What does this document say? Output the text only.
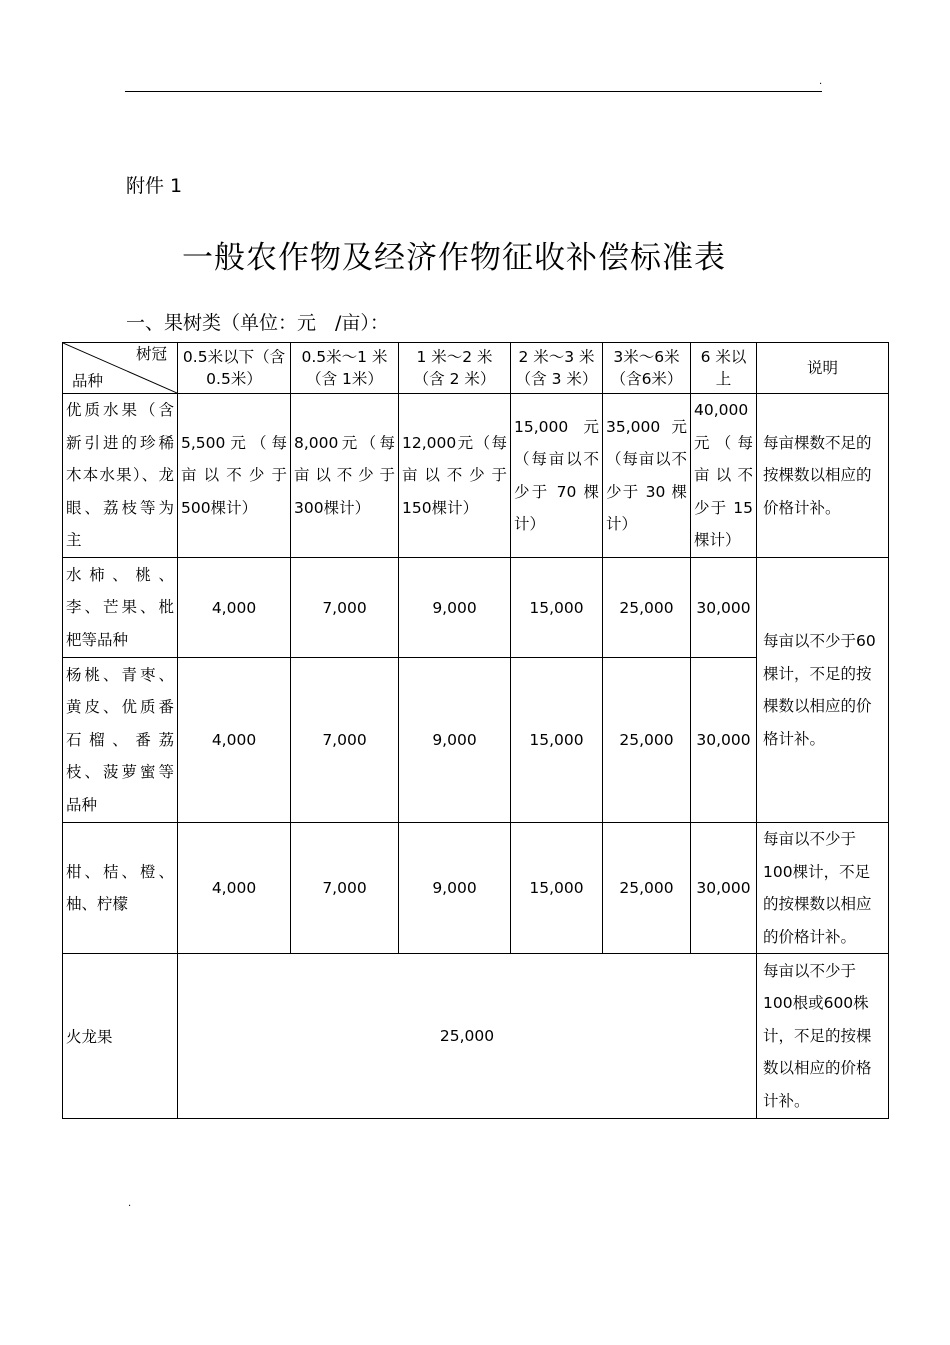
.
附件 1
一般农作物及经济作物征收补偿标准表
一、果树类（单位：元　/亩）：
树冠
品种	0.5米以下（含 0.5米）	0.5米～1 米（含 1米）	1 米～2 米（含 2 米）	2 米～3 米（含 3 米）	3米～6米（含6米）	6 米以上	说明
优质水果（含新引进的珍稀木本水果）、龙眼、荔枝等为主	5,500元（每亩以不少于500棵计）	8,000元（每亩以不少于300棵计）	12,000元（每亩以不少于150棵计）	15,000 元（每亩以不少于 70 棵计）	35,000 元（每亩以不少于 30 棵计）	40,000 元（每亩以不少于 15 棵计）	每亩棵数不足的按棵数以相应的价格计补。
水柿、桃、李、芒果、枇杷等品种	4,000	7,000	9,000	15,000	25,000	30,000	每亩以不少于60 棵计，不足的按棵数以相应的价格计补。
杨桃、青枣、黄皮、优质番石榴、番荔枝、菠萝蜜等品种	4,000	7,000	9,000	15,000	25,000	30,000	
柑、桔、橙、柚、柠檬	4,000	7,000	9,000	15,000	25,000	30,000	每亩以不少于100棵计，不足的按棵数以相应的价格计补。
火龙果	25,000						每亩以不少于100根或600株计，不足的按棵数以相应的价格计补。
.
